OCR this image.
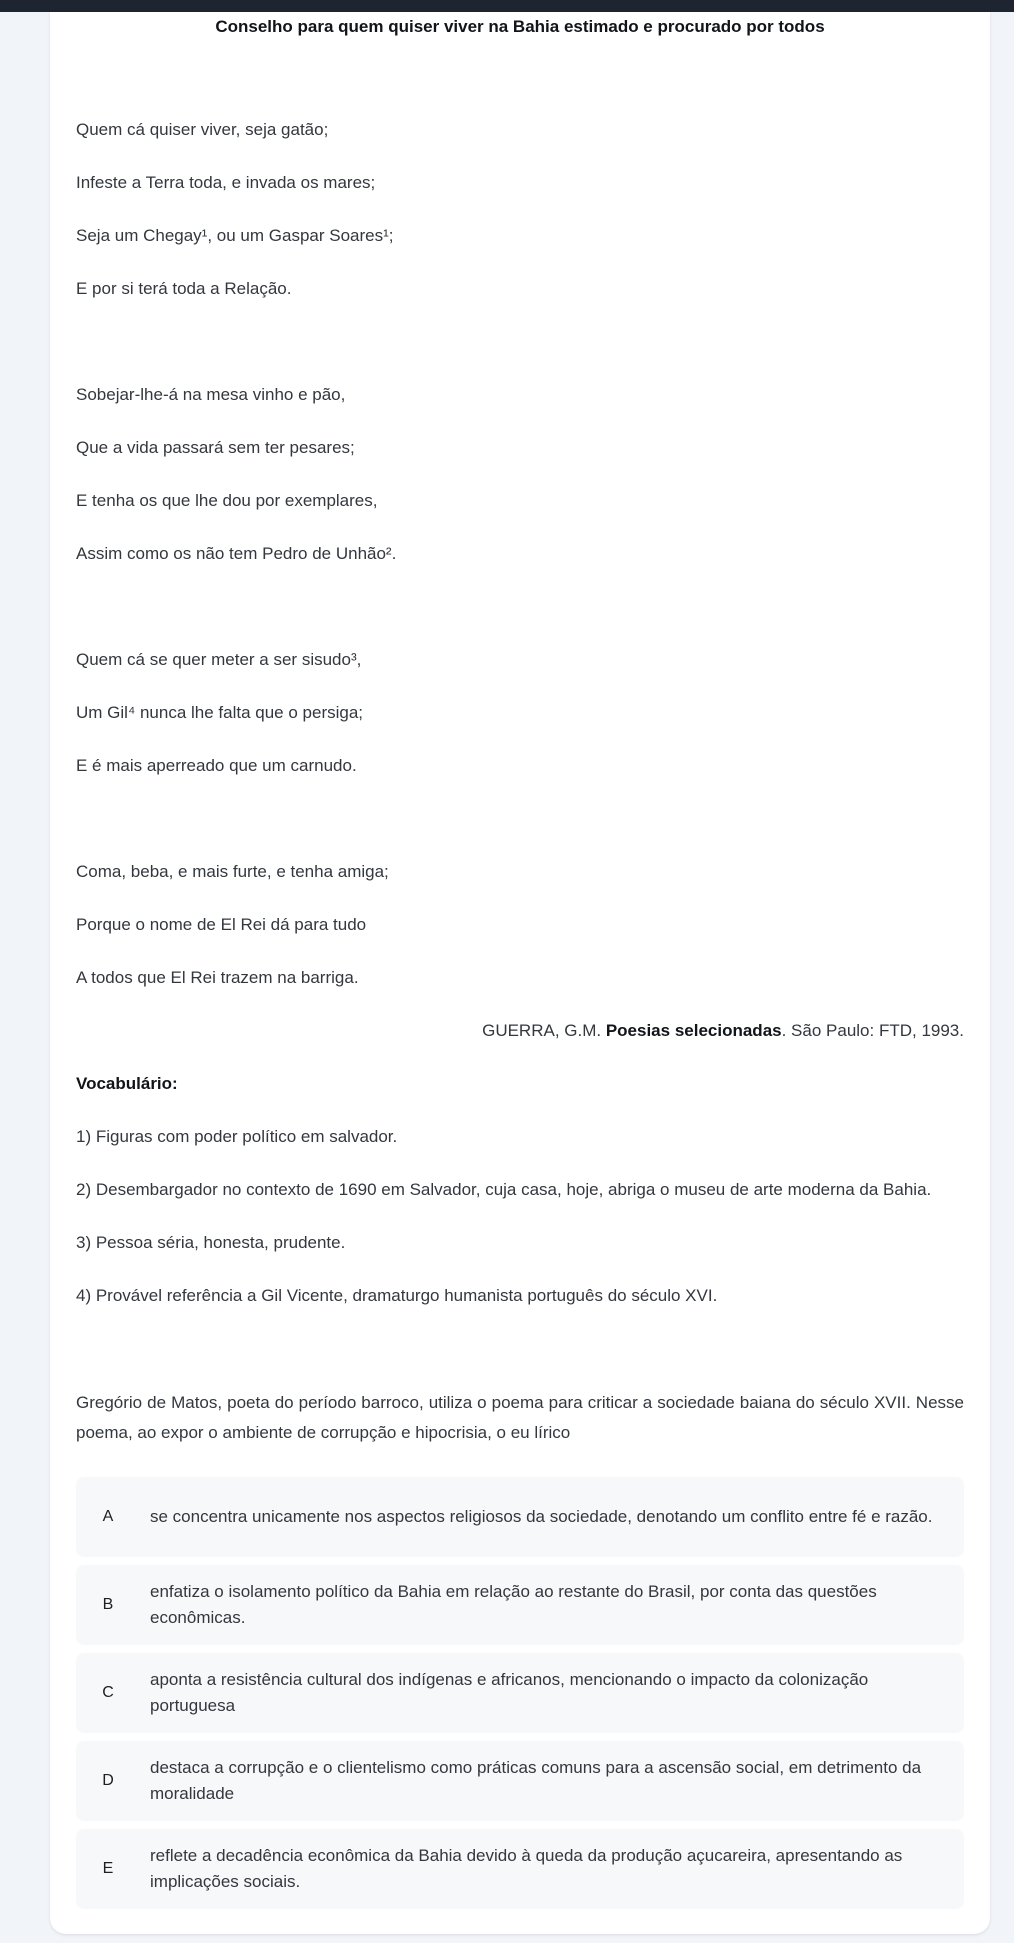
Conselho para quem quiser viver na Bahia estimado e procurado por todos
Quem cá quiser viver, seja gatão;
Infeste a Terra toda, e invada os mares;
Seja um Chegay¹, ou um Gaspar Soares¹;
E por si terá toda a Relação.
Sobejar-lhe-á na mesa vinho e pão,
Que a vida passará sem ter pesares;
E tenha os que lhe dou por exemplares,
Assim como os não tem Pedro de Unhão².
Quem cá se quer meter a ser sisudo³,
Um Gil⁴ nunca lhe falta que o persiga;
E é mais aperreado que um carnudo.
Coma, beba, e mais furte, e tenha amiga;
Porque o nome de El Rei dá para tudo
A todos que El Rei trazem na barriga.
GUERRA, G.M. Poesias selecionadas. São Paulo: FTD, 1993.
Vocabulário:
1) Figuras com poder político em salvador.
2) Desembargador no contexto de 1690 em Salvador, cuja casa, hoje, abriga o museu de arte moderna da Bahia.
3) Pessoa séria, honesta, prudente.
4) Provável referência a Gil Vicente, dramaturgo humanista português do século XVI.
Gregório de Matos, poeta do período barroco, utiliza o poema para criticar a sociedade baiana do século XVII. Nesse poema, ao expor o ambiente de corrupção e hipocrisia, o eu lírico
A	se concentra unicamente nos aspectos religiosos da sociedade, denotando um conflito entre fé e razão.
B
enfatiza o isolamento político da Bahia em relação ao restante do Brasil, por conta das questões econômicas.
C
aponta a resistência cultural dos indígenas e africanos, mencionando o impacto da colonização portuguesa
D
destaca a corrupção e o clientelismo como práticas comuns para a ascensão social, em detrimento da moralidade
E
reflete a decadência econômica da Bahia devido à queda da produção açucareira, apresentando as implicações sociais.
